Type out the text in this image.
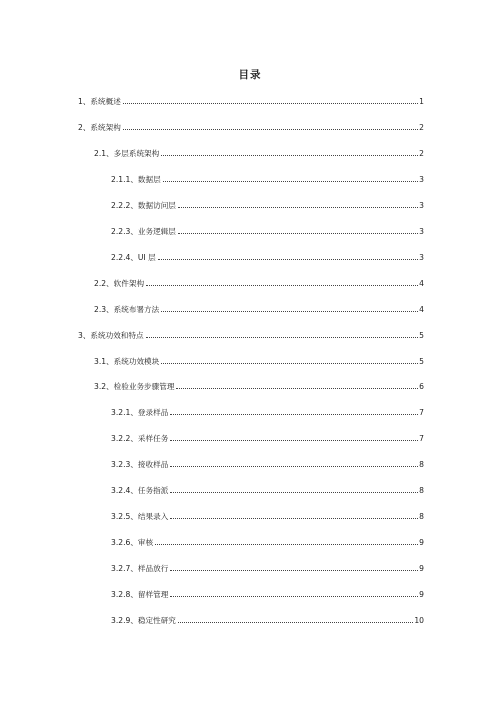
目录
1、系统概述	1
2、系统架构	2
2.1、多层系统架构	2
2.1.1、数据层	3
2.2.2、数据访问层	3
2.2.3、业务逻辑层	3
2.2.4、UI 层	3
2.2、软件架构	4
2.3、系统布署方法	4
3、系统功效和特点	5
3.1、系统功效模块	5
3.2、检验业务步骤管理	6
3.2.1、登录样品	7
3.2.2、采样任务	7
3.2.3、接收样品	8
3.2.4、任务指派	8
3.2.5、结果录入	8
3.2.6、审核	9
3.2.7、样品放行	9
3.2.8、留样管理	9
3.2.9、稳定性研究	10
